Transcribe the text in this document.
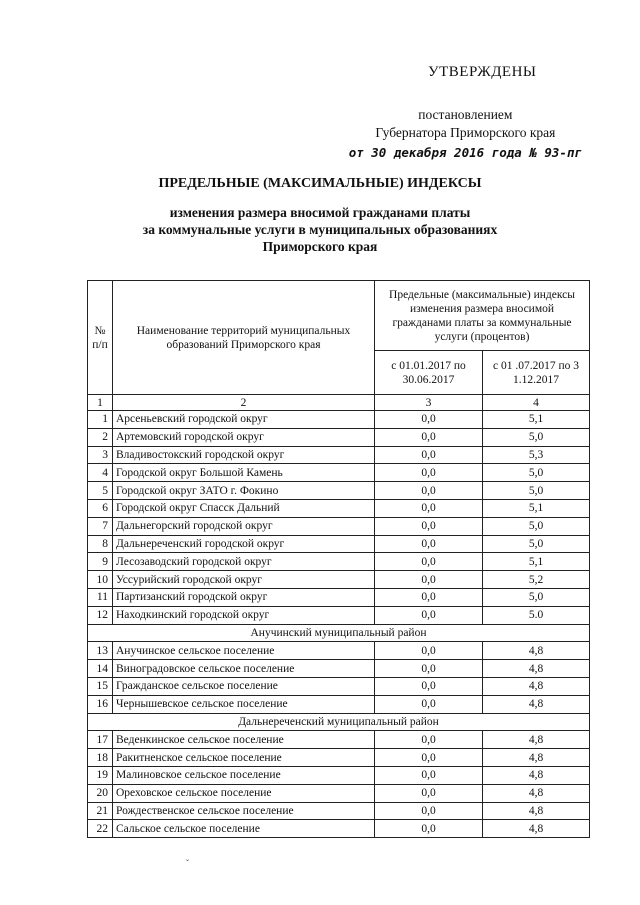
УТВЕРЖДЕНЫ
постановлением
Губернатора Приморского края
от 30 декабря 2016 года № 93-пг
ПРЕДЕЛЬНЫЕ (МАКСИМАЛЬНЫЕ) ИНДЕКСЫ
изменения размера вносимой гражданами платы
за коммунальные услуги в муниципальных образованиях
Приморского края
№ п/п	Наименование территорий муниципальных образований Приморского края	Предельные (максимальные) индексы изменения размера вносимой гражданами платы за коммунальные услуги (процентов)	
		с 01.01.2017 по 30.06.2017	с 01 .07.2017 по 3 1.12.2017
1	2	3	4
1	Арсеньевский городской округ	0,0	5,1
2	Артемовский городской округ	0,0	5,0
3	Владивостокский городской округ	0,0	5,3
4	Городской округ Большой Камень	0,0	5,0
5	Городской округ ЗАТО г. Фокино	0,0	5,0
6	Городской округ Спасск Дальний	0,0	5,1
7	Дальнегорский городской округ	0,0	5,0
8	Дальнереченский городской округ	0,0	5,0
9	Лесозаводский городской округ	0,0	5,1
10	Уссурийский городской округ	0,0	5,2
11	Партизанский городской округ	0,0	5,0
12	Находкинский городской округ	0,0	5.0
Анучинский муниципальный район			
13	Анучинское сельское поселение	0,0	4,8
14	Виноградовское сельское поселение	0,0	4,8
15	Гражданское сельское поселение	0,0	4,8
16	Чернышевское сельское поселение	0,0	4,8
Дальнереченский муниципальный район			
17	Веденкинское сельское поселение	0,0	4,8
18	Ракитненское сельское поселение	0,0	4,8
19	Малиновское сельское поселение	0,0	4,8
20	Ореховское сельское поселение	0,0	4,8
21	Рождественское сельское поселение	0,0	4,8
22	Сальское сельское поселение	0,0	4,8
˘
